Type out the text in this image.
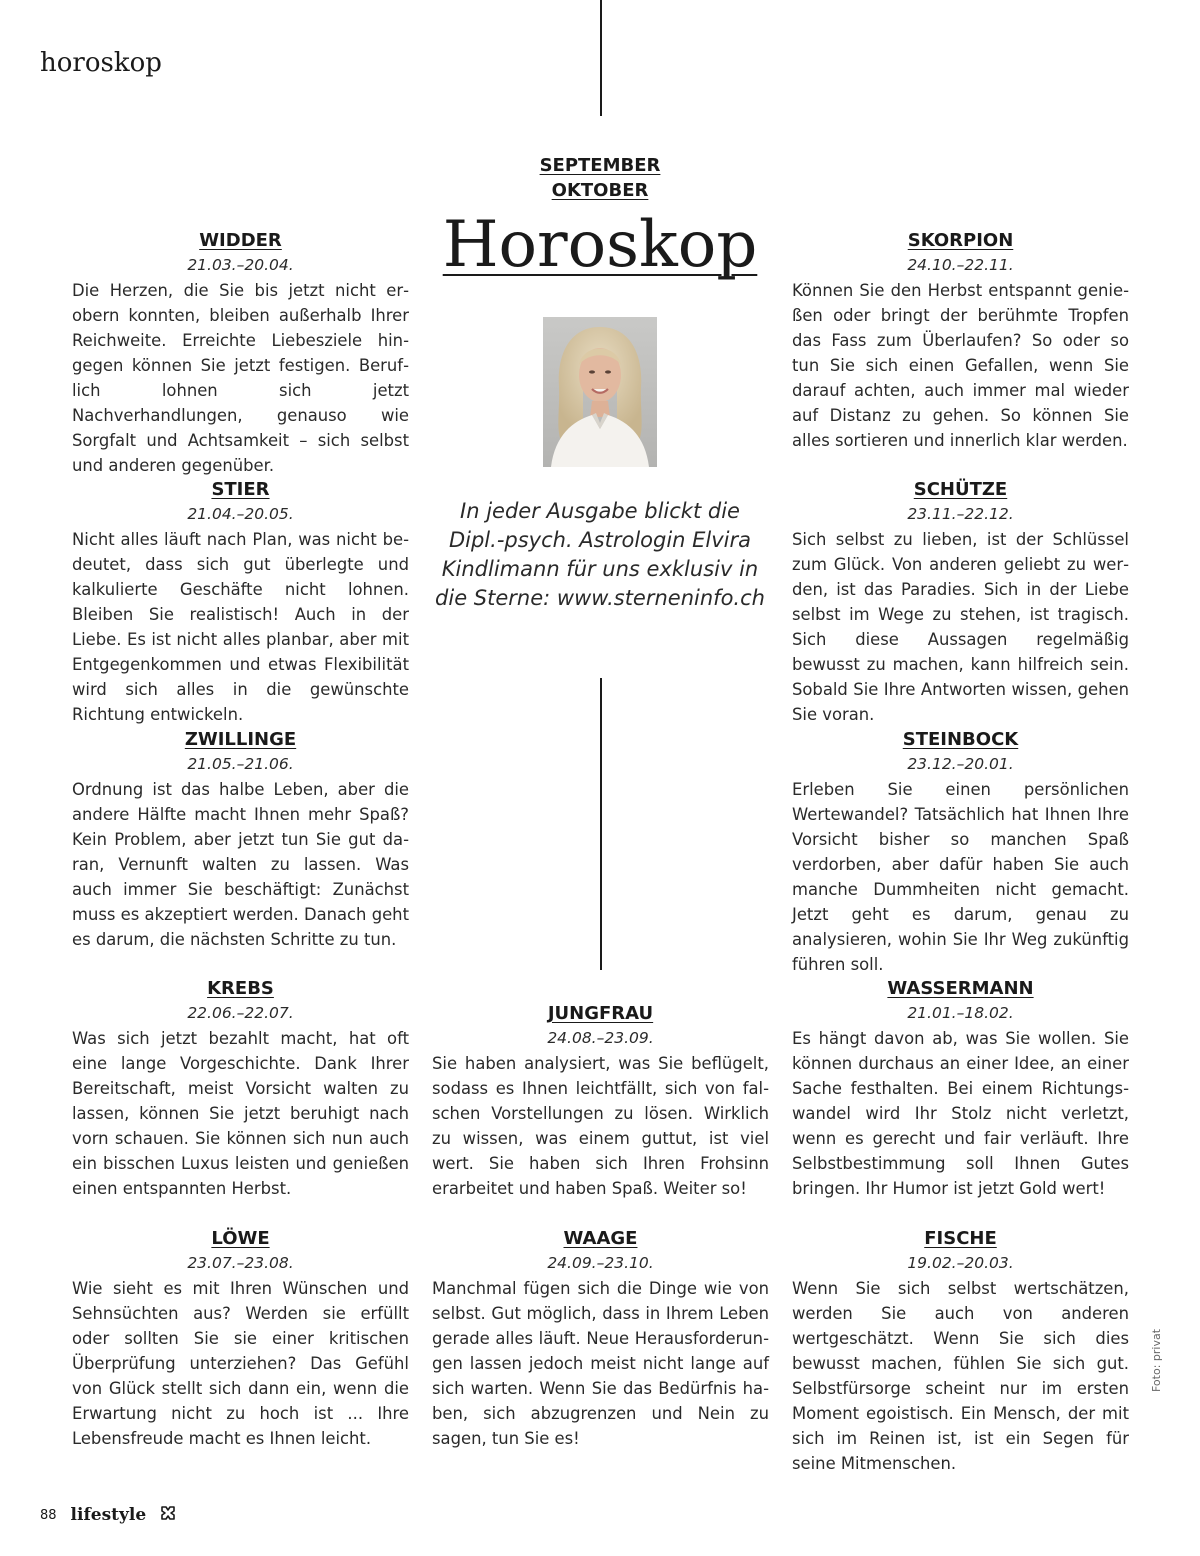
horoskop
SEPTEMBER
OKTOBER
Horoskop
In jeder Ausgabe blickt die Dipl.-psych. Astrologin Elvira Kindlimann für uns exklusiv in die Sterne: www.sterneninfo.ch
WIDDER
21.03.–20.04.
Die Herzen, die Sie bis jetzt nicht erobern konnten, bleiben außerhalb Ihrer Reichweite. Erreichte Liebesziele hingegen können Sie jetzt festigen. Beruflich lohnen sich jetzt Nachverhandlungen, genauso wie Sorgfalt und Achtsamkeit – sich selbst und anderen gegenüber.
STIER
21.04.–20.05.
Nicht alles läuft nach Plan, was nicht bedeutet, dass sich gut überlegte und kalkulierte Geschäfte nicht lohnen. Bleiben Sie realistisch! Auch in der Liebe. Es ist nicht alles planbar, aber mit Entgegenkommen und etwas Flexibilität wird sich alles in die gewünschte Richtung entwickeln.
ZWILLINGE
21.05.–21.06.
Ordnung ist das halbe Leben, aber die andere Hälfte macht Ihnen mehr Spaß? Kein Problem, aber jetzt tun Sie gut daran, Vernunft walten zu lassen. Was auch immer Sie beschäftigt: Zunächst muss es akzeptiert werden. Danach geht es darum, die nächsten Schritte zu tun.
KREBS
22.06.–22.07.
Was sich jetzt bezahlt macht, hat oft eine lange Vorgeschichte. Dank Ihrer Bereitschaft, meist Vorsicht walten zu lassen, können Sie jetzt beruhigt nach vorn schauen. Sie können sich nun auch ein bisschen Luxus leisten und genießen einen entspannten Herbst.
LÖWE
23.07.–23.08.
Wie sieht es mit Ihren Wünschen und Sehnsüchten aus? Werden sie erfüllt oder sollten Sie sie einer kritischen Überprüfung unterziehen? Das Gefühl von Glück stellt sich dann ein, wenn die Erwartung nicht zu hoch ist ... Ihre Lebensfreude macht es Ihnen leicht.
JUNGFRAU
24.08.–23.09.
Sie haben analysiert, was Sie beflügelt, sodass es Ihnen leichtfällt, sich von falschen Vorstellungen zu lösen. Wirklich zu wissen, was einem guttut, ist viel wert. Sie haben sich Ihren Frohsinn erarbeitet und haben Spaß. Weiter so!
WAAGE
24.09.–23.10.
Manchmal fügen sich die Dinge wie von selbst. Gut möglich, dass in Ihrem Leben gerade alles läuft. Neue Herausforderungen lassen jedoch meist nicht lange auf sich warten. Wenn Sie das Bedürfnis haben, sich abzugrenzen und Nein zu sagen, tun Sie es!
SKORPION
24.10.–22.11.
Können Sie den Herbst entspannt genießen oder bringt der berühmte Tropfen das Fass zum Überlaufen? So oder so tun Sie sich einen Gefallen, wenn Sie darauf achten, auch immer mal wieder auf Distanz zu gehen. So können Sie alles sortieren und innerlich klar werden.
SCHÜTZE
23.11.–22.12.
Sich selbst zu lieben, ist der Schlüssel zum Glück. Von anderen geliebt zu werden, ist das Paradies. Sich in der Liebe selbst im Wege zu stehen, ist tragisch. Sich diese Aussagen regelmäßig bewusst zu machen, kann hilfreich sein. Sobald Sie Ihre Antworten wissen, gehen Sie voran.
STEINBOCK
23.12.–20.01.
Erleben Sie einen persönlichen Wertewandel? Tatsächlich hat Ihnen Ihre Vorsicht bisher so manchen Spaß verdorben, aber dafür haben Sie auch manche Dummheiten nicht gemacht. Jetzt geht es darum, genau zu analysieren, wohin Sie Ihr Weg zukünftig führen soll.
WASSERMANN
21.01.–18.02.
Es hängt davon ab, was Sie wollen. Sie können durchaus an einer Idee, an einer Sache festhalten. Bei einem Richtungswandel wird Ihr Stolz nicht verletzt, wenn es gerecht und fair verläuft. Ihre Selbstbestimmung soll Ihnen Gutes bringen. Ihr Humor ist jetzt Gold wert!
FISCHE
19.02.–20.03.
Wenn Sie sich selbst wertschätzen, werden Sie auch von anderen wertgeschätzt. Wenn Sie sich dies bewusst machen, fühlen Sie sich gut. Selbstfürsorge scheint nur im ersten Moment egoistisch. Ein Mensch, der mit sich im Reinen ist, ist ein Segen für seine Mitmenschen.
Foto: privat
88 lifestyle
